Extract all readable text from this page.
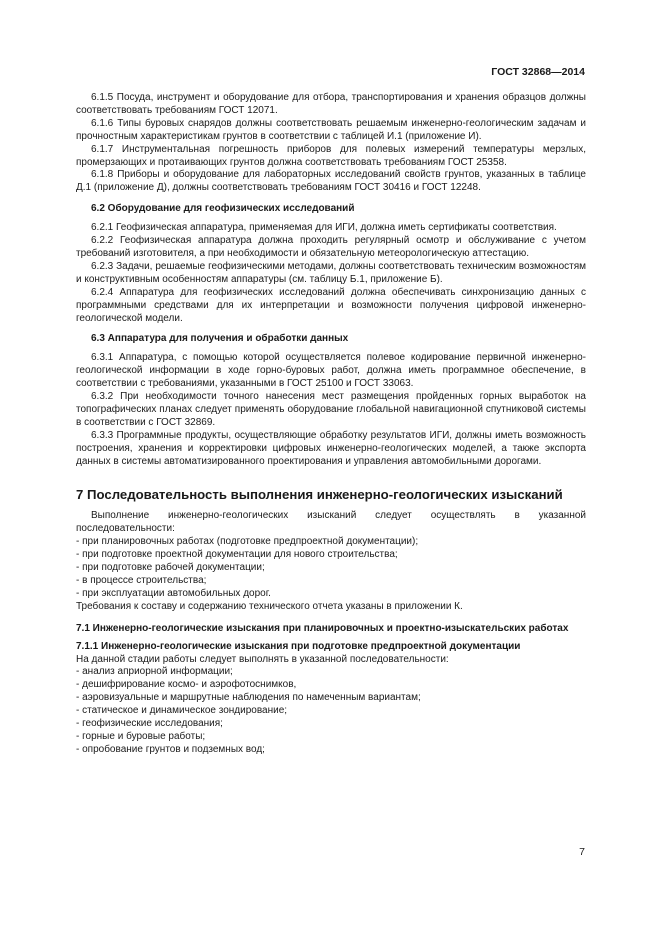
ГОСТ 32868—2014

6.1.5 Посуда, инструмент и оборудование для отбора, транспортирования и хранения образцов должны соответствовать требованиям ГОСТ 12071.

6.1.6 Типы буровых снарядов должны соответствовать решаемым инженерно-геологическим задачам и прочностным характеристикам грунтов в соответствии с таблицей И.1 (приложение И).

6.1.7 Инструментальная погрешность приборов для полевых измерений температуры мерзлых, промерзающих и протаивающих грунтов должна соответствовать требованиям ГОСТ 25358.

6.1.8 Приборы и оборудование для лабораторных исследований свойств грунтов, указанных в таблице Д.1 (приложение Д), должны соответствовать требованиям ГОСТ 30416 и ГОСТ 12248.

6.2 Оборудование для геофизических исследований

6.2.1 Геофизическая аппаратура, применяемая для ИГИ, должна иметь сертификаты соответствия.

6.2.2 Геофизическая аппаратура должна проходить регулярный осмотр и обслуживание с учетом требований изготовителя, а при необходимости и обязательную метеорологическую аттестацию.

6.2.3 Задачи, решаемые геофизическими методами, должны соответствовать техническим возможностям и конструктивным особенностям аппаратуры (см. таблицу Б.1, приложение Б).

6.2.4 Аппаратура для геофизических исследований должна обеспечивать синхронизацию данных с программными средствами для их интерпретации и возможности получения цифровой инженерно-геологической модели.

6.3 Аппаратура для получения и обработки данных

6.3.1 Аппаратура, с помощью которой осуществляется полевое кодирование первичной инженерно-геологической информации в ходе горно-буровых работ, должна иметь программное обеспечение, в соответствии с требованиями, указанными в ГОСТ 25100 и ГОСТ 33063.

6.3.2 При необходимости точного нанесения мест размещения пройденных горных выработок на топографических планах следует применять оборудование глобальной навигационной спутниковой системы в соответствии с ГОСТ 32869.

6.3.3 Программные продукты, осуществляющие обработку результатов ИГИ, должны иметь возможность построения, хранения и корректировки цифровых инженерно-геологических моделей, а также экспорта данных в системы автоматизированного проектирования и управления автомобильными дорогами.

7 Последовательность выполнения инженерно-геологических изысканий

Выполнение инженерно-геологических изысканий следует осуществлять в указанной последовательности:

- при планировочных работах (подготовке предпроектной документации);
- при подготовке проектной документации для нового строительства;
- при подготовке рабочей документации;
- в процессе строительства;
- при эксплуатации автомобильных дорог.

Требования к составу и содержанию технического отчета указаны в приложении К.

7.1 Инженерно-геологические изыскания при планировочных и проектно-изыскательских работах

7.1.1 Инженерно-геологические изыскания при подготовке предпроектной документации

На данной стадии работы следует выполнять в указанной последовательности:

- анализ априорной информации;
- дешифрирование космо- и аэрофотоснимков,
- аэровизуальные и маршрутные наблюдения по намеченным вариантам;
- статическое и динамическое зондирование;
- геофизические исследования;
- горные и буровые работы;
- опробование грунтов и подземных вод;
7
